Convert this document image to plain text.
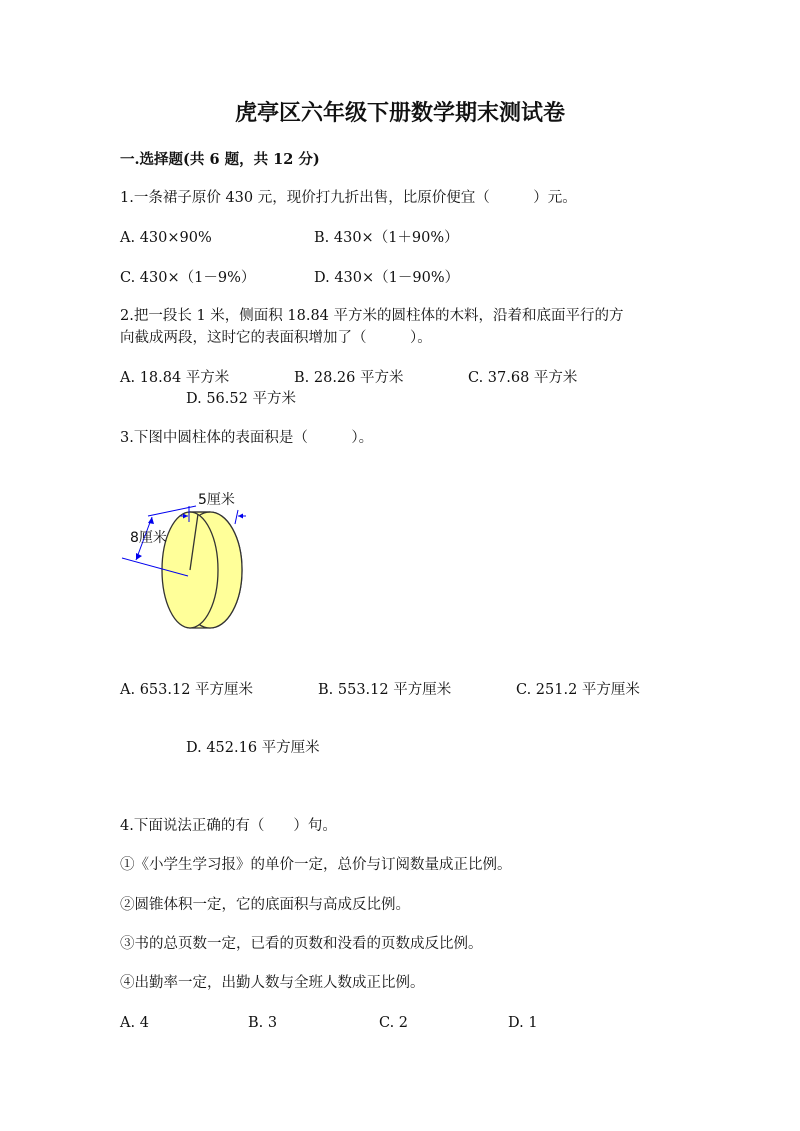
虎亭区六年级下册数学期末测试卷
一.选择题(共 6 题，共 12 分)
1.一条裙子原价 430 元，现价打九折出售，比原价便宜（　　　）元。
A. 430×90%	B. 430×（1＋90%）
C. 430×（1－9%）	D. 430×（1－90%）
2.把一段长 1 米，侧面积 18.84 平方米的圆柱体的木料，沿着和底面平行的方
向截成两段，这时它的表面积增加了（　　　）。
A. 18.84 平方米	B. 28.26 平方米	C. 37.68 平方米
D. 56.52 平方米
3.下图中圆柱体的表面积是（　　　）。
5厘米
8厘米
A. 653.12 平方厘米	B. 553.12 平方厘米	C. 251.2 平方厘米
D. 452.16 平方厘米
4.下面说法正确的有（　　）句。
①《小学生学习报》的单价一定，总价与订阅数量成正比例。
②圆锥体积一定，它的底面积与高成反比例。
③书的总页数一定，已看的页数和没看的页数成反比例。
④出勤率一定，出勤人数与全班人数成正比例。
A. 4	B. 3	C. 2	D. 1
